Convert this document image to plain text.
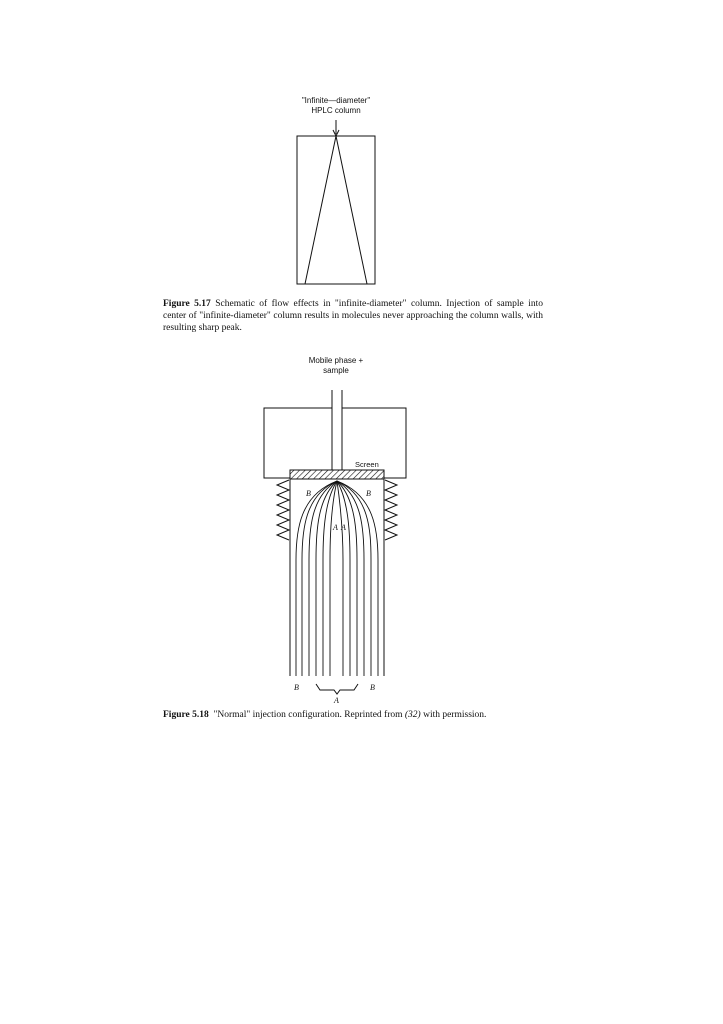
"Infinite—diameter"
HPLC column
B	B
A A
B	B
A
Screen
Figure 5.17 Schematic of flow effects in "infinite-diameter" column. Injection of sample into center of "infinite-diameter" column results in molecules never approaching the column walls, with resulting sharp peak.
Mobile phase +
sample
Figure 5.18 "Normal" injection configuration. Reprinted from (32) with permission.
